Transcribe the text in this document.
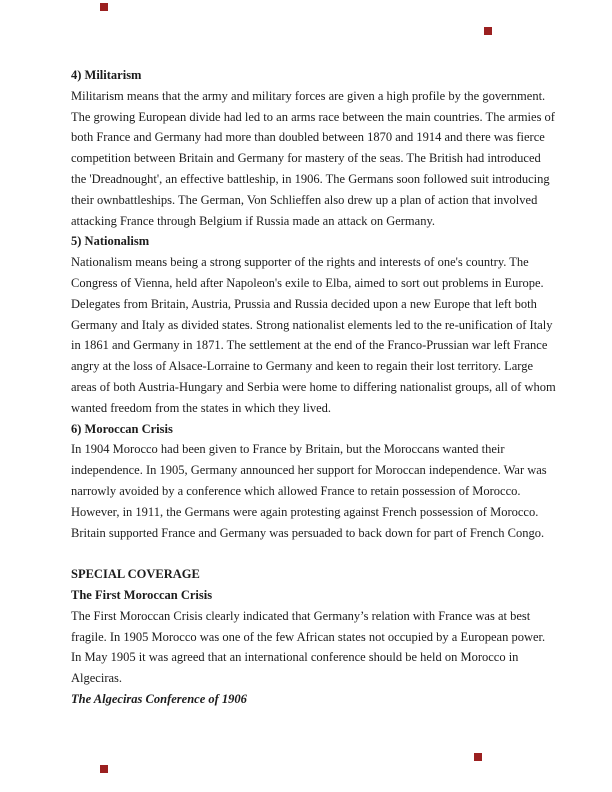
4) Militarism
Militarism means that the army and military forces are given a high profile by the government.
The growing European divide had led to an arms race between the main countries. The armies of
both France and Germany had more than doubled between 1870 and 1914 and there was fierce
competition between Britain and Germany for mastery of the seas. The British had introduced
the 'Dreadnought', an effective battleship, in 1906. The Germans soon followed suit introducing
their ownbattleships. The German, Von Schlieffen also drew up a plan of action that involved
attacking France through Belgium if Russia made an attack on Germany.
5) Nationalism
Nationalism means being a strong supporter of the rights and interests of one's country. The
Congress of Vienna, held after Napoleon's exile to Elba, aimed to sort out problems in Europe.
Delegates from Britain, Austria, Prussia and Russia decided upon a new Europe that left both
Germany and Italy as divided states. Strong nationalist elements led to the re-unification of Italy
in 1861 and Germany in 1871. The settlement at the end of the Franco-Prussian war left France
angry at the loss of Alsace-Lorraine to Germany and keen to regain their lost territory. Large
areas of both Austria-Hungary and Serbia were home to differing nationalist groups, all of whom
wanted freedom from the states in which they lived.
6) Moroccan Crisis
In 1904 Morocco had been given to France by Britain, but the Moroccans wanted their
independence. In 1905, Germany announced her support for Moroccan independence. War was
narrowly avoided by a conference which allowed France to retain possession of Morocco.
However, in 1911, the Germans were again protesting against French possession of Morocco.
Britain supported France and Germany was persuaded to back down for part of French Congo.
SPECIAL COVERAGE
The First Moroccan Crisis
The First Moroccan Crisis clearly indicated that Germany’s relation with France was at best
fragile. In 1905 Morocco was one of the few African states not occupied by a European power.
In May 1905 it was agreed that an international conference should be held on Morocco in
Algeciras.
The Algeciras Conference of 1906
